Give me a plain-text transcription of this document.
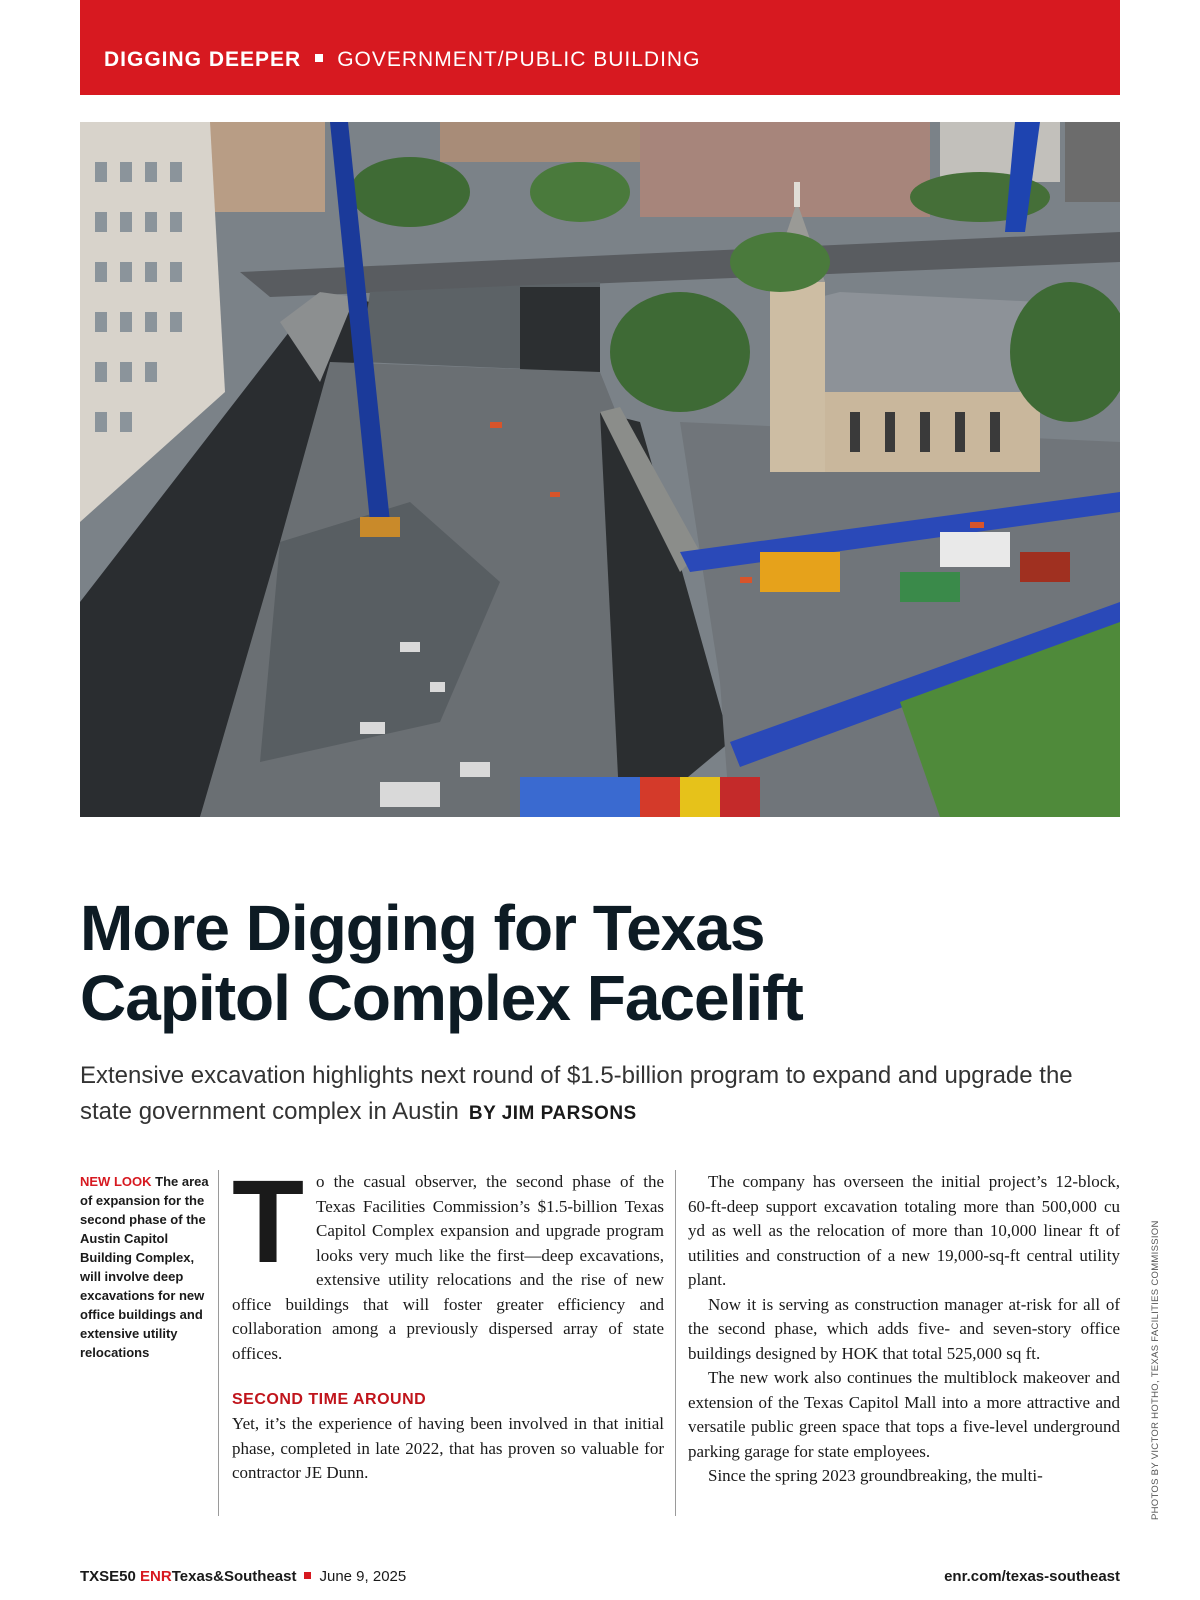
DIGGING DEEPER GOVERNMENT/PUBLIC BUILDING
More Digging for Texas
Capitol Complex Facelift
Extensive excavation highlights next round of $1.5-billion program to expand and upgrade the state government complex in Austin BY JIM PARSONS
NEW LOOK The area of expansion for the second phase of the Austin Capitol Building Complex, will involve deep excavations for new office buildings and extensive utility relocations
T o the casual observer, the second phase of the Texas Facilities Commission’s $1.5-billion Texas Capitol Complex expansion and upgrade program looks very much like the first—deep excavations, extensive utility relocations and the rise of new office buildings that will foster greater efficiency and collaboration among a previously dispersed array of state offices.

SECOND TIME AROUND

Yet, it’s the experience of having been involved in that initial phase, completed in late 2022, that has proven so valuable for contractor JE Dunn.

The company has overseen the initial project’s 12-block, 60-ft-deep support excavation totaling more than 500,000 cu yd as well as the relocation of more than 10,000 linear ft of utilities and construction of a new 19,000-sq-ft central utility plant.

Now it is serving as construction manager at-risk for all of the second phase, which adds five- and seven-story office buildings designed by HOK that total 525,000 sq ft.

The new work also continues the multiblock makeover and extension of the Texas Capitol Mall into a more attractive and versatile public green space that tops a five-level underground parking garage for state employees.

Since the spring 2023 groundbreaking, the multi-	PHOTOS BY VICTOR HOTHO, TEXAS FACILITIES COMMISSION
TXSE50 ENRTexas&Southeast June 9, 2025	enr.com/texas-southeast
